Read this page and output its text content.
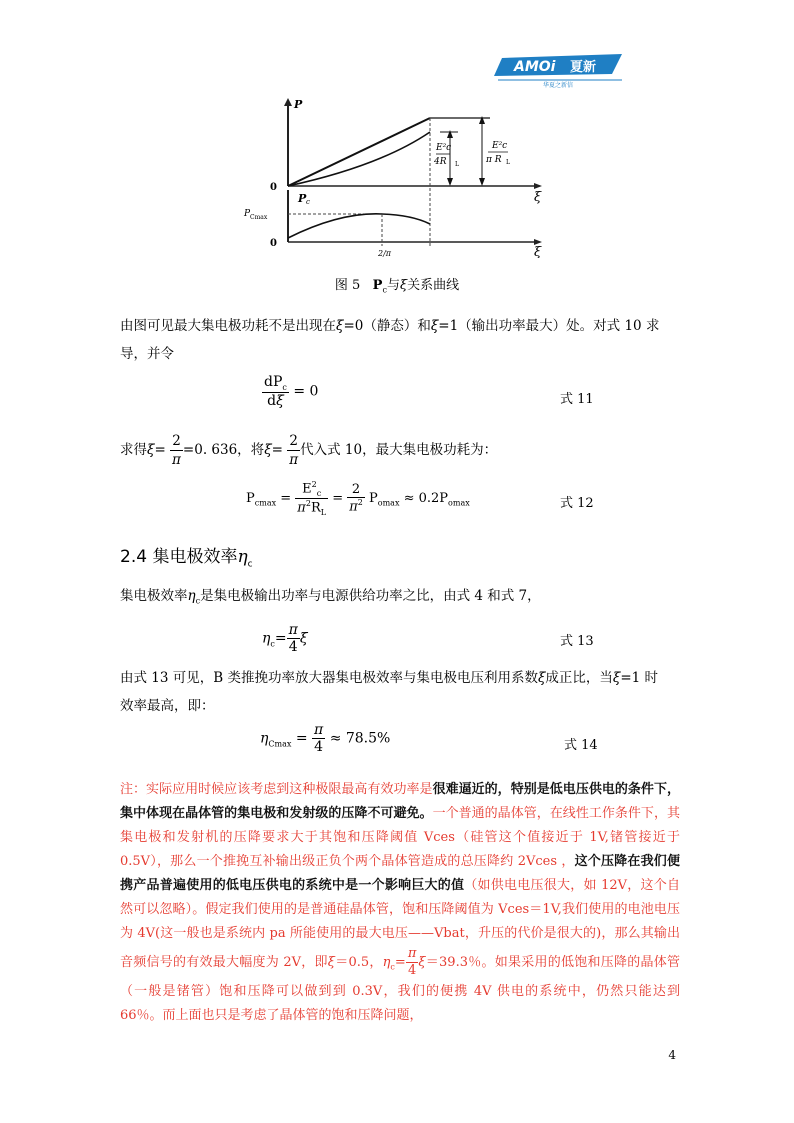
AMOi 夏新
华夏之新信
P
0
ξ
E²c
4R L
E²c
π R L
P c
P Cmax
2/π
0
ξ
图 5 $P_c$与ξ关系曲线
由图可见最大集电极功耗不是出现在ξ=0（静态）和ξ=1（输出功率最大）处。对式 10 求
导，并令
$\frac{dP_c}{d\xi} = 0$
式 11
求得$\xi= \frac{2}{\pi} =0$. 636，将$\xi= \frac{2}{\pi}$ 代入式 10，最大集电极功耗为：
$P_{cmax} = \frac{E^2_c}{\pi^2R_L} = \frac{2}{\pi^2} P_{omax} \approx 0.2P_{omax}$	式 12
2.4 集电极效率$\eta_c$
集电极效率$\eta_c$是集电极输出功率与电源供给功率之比，由式 4 和式 7，
$\eta_c= \frac{\pi}{4}$ ξ	式 13
由式 13 可见，B 类推挽功率放大器集电极效率与集电极电压利用系数ξ成正比，当ξ=1 时
效率最高，即：
$\eta_{Cmax} = \frac{\pi}{4} \approx 78.5\%$	式 14

注：实际应用时候应该考虑到这种极限最高有效功率是很难逼近的，特别是低电压供电的条件下，集中体现在晶体管的集电极和发射级的压降不可避免。一个普通的晶体管，在线性工作条件下，其集电极和发射机的压降要求大于其饱和压降阈值 Vces（硅管这个值接近于 1V,锗管接近于 0.5V），那么一个推挽互补输出级正负个两个晶体管造成的总压降约 2Vces ，这个压降在我们便携产品普遍使用的低电压供电的系统中是一个影响巨大的值（如供电电压很大，如 12V，这个自然可以忽略）。假定我们使用的是普通硅晶体管，饱和压降阈值为 Vces＝1V,我们使用的电池电压为 4V(这一般也是系统内 pa 所能使用的最大电压——Vbat，升压的代价是很大的)，那么其输出音频信号的有效最大幅度为 2V，即ξ＝0.5，$\eta_c= \frac{\pi}{4} \xi=39.3$％。如果采用的低饱和压降的晶体管（一般是锗管）饱和压降可以做到到 0.3V，我们的便携 4V 供电的系统中，仍然只能达到 66％。而上面也只是考虑了晶体管的饱和压降问题，

4
